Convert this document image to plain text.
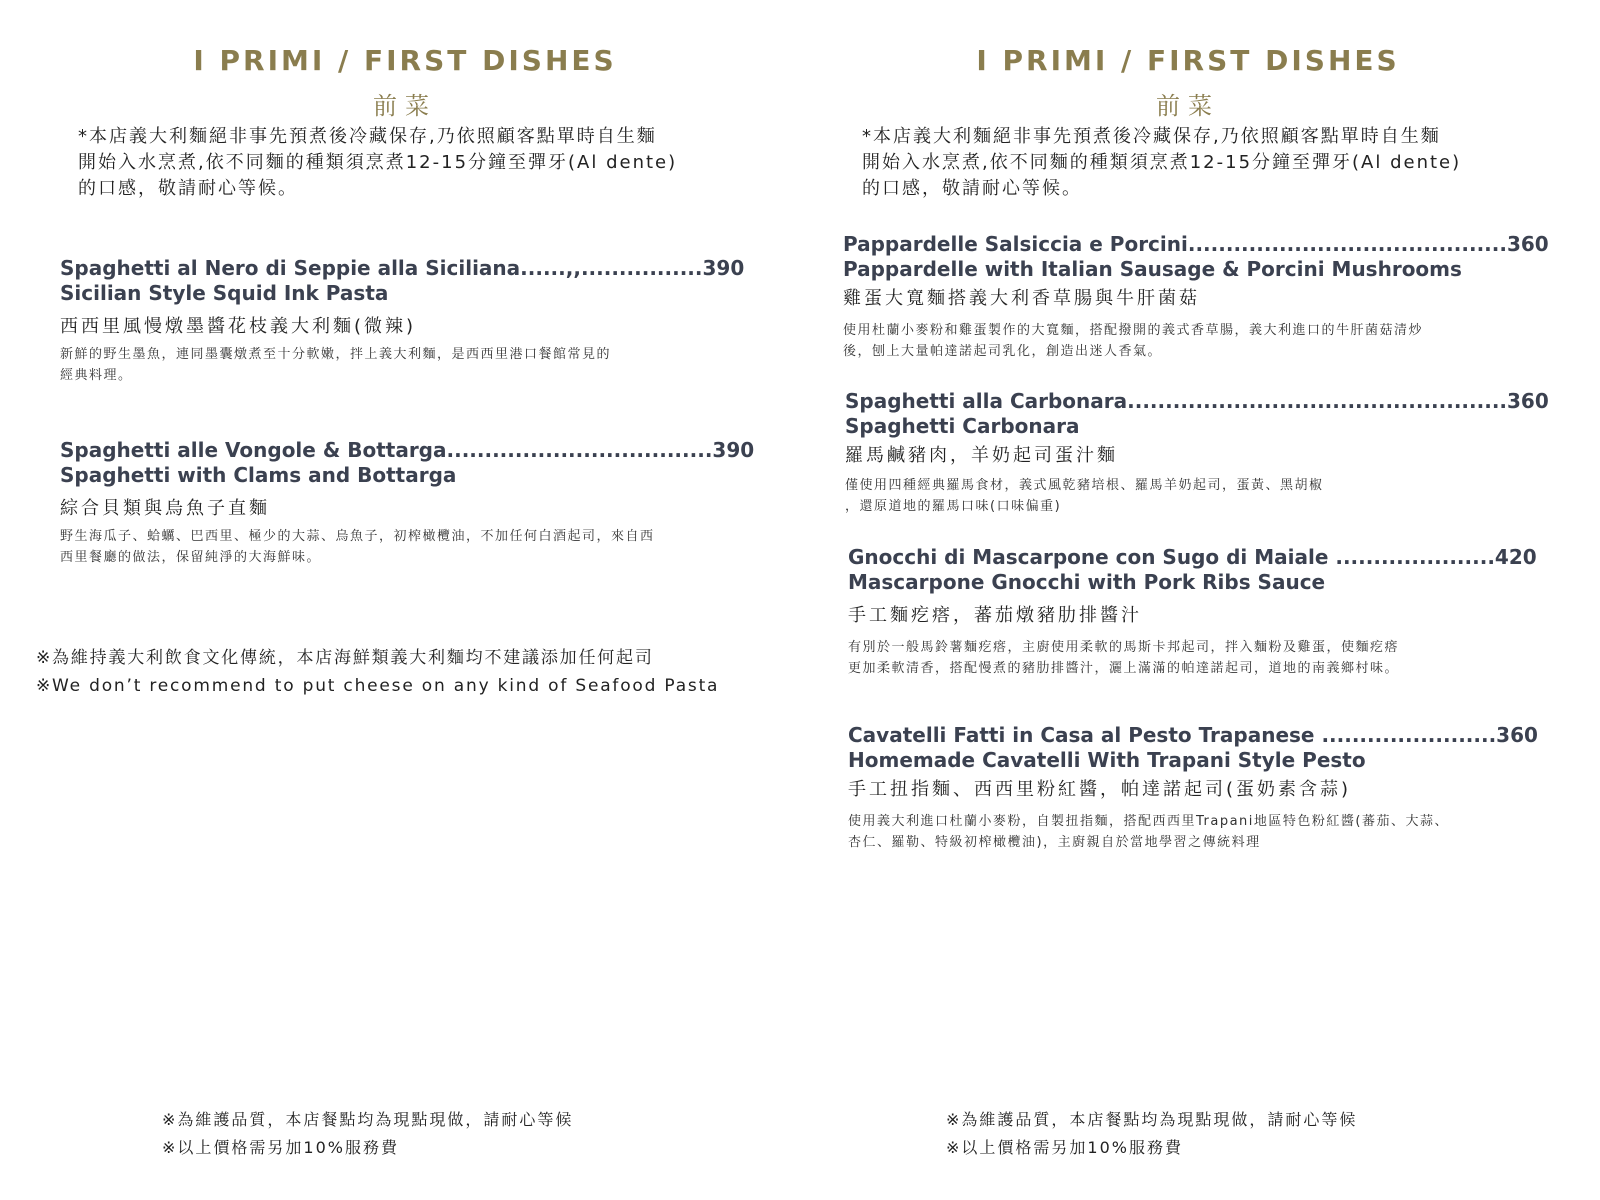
I PRIMI / FIRST DISHES
前菜
*本店義大利麵絕非事先預煮後冷藏保存,乃依照顧客點單時自生麵
開始入水烹煮,依不同麵的種類須烹煮12-15分鐘至彈牙(Al dente)
的口感，敬請耐心等候。
Spaghetti al Nero di Seppie alla Siciliana......,,................390
Sicilian Style Squid Ink Pasta
西西里風慢燉墨醬花枝義大利麵(微辣)
新鮮的野生墨魚，連同墨囊燉煮至十分軟嫩，拌上義大利麵，是西西里港口餐館常見的
經典料理。
Spaghetti alle Vongole & Bottarga...................................390
Spaghetti with Clams and Bottarga
綜合貝類與烏魚子直麵
野生海瓜子、蛤蠣、巴西里、極少的大蒜、烏魚子，初榨橄欖油，不加任何白酒起司，來自西
西里餐廳的做法，保留純淨的大海鮮味。
※為維持義大利飲食文化傳統，本店海鮮類義大利麵均不建議添加任何起司
※We don’t recommend to put cheese on any kind of Seafood Pasta
※為維護品質，本店餐點均為現點現做，請耐心等候
※以上價格需另加10%服務費
I PRIMI / FIRST DISHES
前菜
*本店義大利麵絕非事先預煮後冷藏保存,乃依照顧客點單時自生麵
開始入水烹煮,依不同麵的種類須烹煮12-15分鐘至彈牙(Al dente)
的口感，敬請耐心等候。
Pappardelle Salsiccia e Porcini..........................................360
Pappardelle with Italian Sausage & Porcini Mushrooms
雞蛋大寬麵搭義大利香草腸與牛肝菌菇
使用杜蘭小麥粉和雞蛋製作的大寬麵，搭配撥開的義式香草腸，義大利進口的牛肝菌菇清炒
後，刨上大量帕達諾起司乳化，創造出迷人香氣。
Spaghetti alla Carbonara..................................................360
Spaghetti Carbonara
羅馬鹹豬肉，羊奶起司蛋汁麵
僅使用四種經典羅馬食材，義式風乾豬培根、羅馬羊奶起司，蛋黃、黑胡椒
，還原道地的羅馬口味(口味偏重)
Gnocchi di Mascarpone con Sugo di Maiale .....................420
Mascarpone Gnocchi with Pork Ribs Sauce
手工麵疙瘩，蕃茄燉豬肋排醬汁
有別於一般馬鈴薯麵疙瘩，主廚使用柔軟的馬斯卡邦起司，拌入麵粉及雞蛋，使麵疙瘩
更加柔軟清香，搭配慢煮的豬肋排醬汁，灑上滿滿的帕達諾起司，道地的南義鄉村味。
Cavatelli Fatti in Casa al Pesto Trapanese .......................360
Homemade Cavatelli With Trapani Style Pesto
手工扭指麵、西西里粉紅醬，帕達諾起司(蛋奶素含蒜)
使用義大利進口杜蘭小麥粉，自製扭指麵，搭配西西里Trapani地區特色粉紅醬(蕃茄、大蒜、
杏仁、羅勒、特級初榨橄欖油)，主廚親自於當地學習之傳統料理
※為維護品質，本店餐點均為現點現做，請耐心等候
※以上價格需另加10%服務費
